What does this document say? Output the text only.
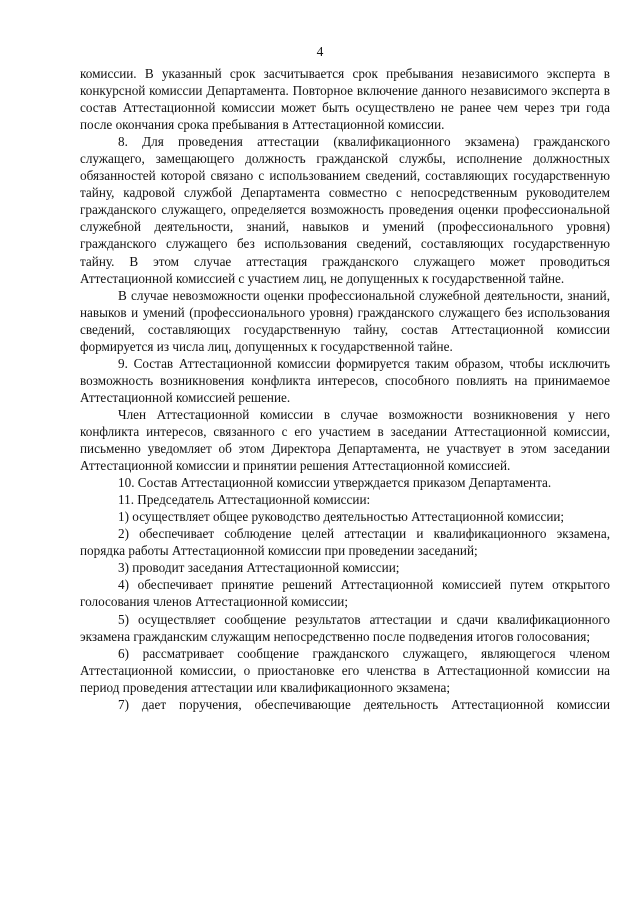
4

комиссии. В указанный срок засчитывается срок пребывания независимого эксперта в конкурсной комиссии Департамента. Повторное включение данного независимого эксперта в состав Аттестационной комиссии может быть осуществлено не ранее чем через три года после окончания срока пребывания в Аттестационной комиссии.

8. Для проведения аттестации (квалификационного экзамена) гражданского служащего, замещающего должность гражданской службы, исполнение должностных обязанностей которой связано с использованием сведений, составляющих государственную тайну, кадровой службой Департамента совместно с непосредственным руководителем гражданского служащего, определяется возможность проведения оценки профессиональной служебной деятельности, знаний, навыков и умений (профессионального уровня) гражданского служащего без использования сведений, составляющих государственную тайну. В этом случае аттестация гражданского служащего может проводиться Аттестационной комиссией с участием лиц, не допущенных к государственной тайне.

В случае невозможности оценки профессиональной служебной деятельности, знаний, навыков и умений (профессионального уровня) гражданского служащего без использования сведений, составляющих государственную тайну, состав Аттестационной комиссии формируется из числа лиц, допущенных к государственной тайне.

9. Состав Аттестационной комиссии формируется таким образом, чтобы исключить возможность возникновения конфликта интересов, способного повлиять на принимаемое Аттестационной комиссией решение.

Член Аттестационной комиссии в случае возможности возникновения у него конфликта интересов, связанного с его участием в заседании Аттестационной комиссии, письменно уведомляет об этом Директора Департамента, не участвует в этом заседании Аттестационной комиссии и принятии решения Аттестационной комиссией.

10. Состав Аттестационной комиссии утверждается приказом Департамента.

11. Председатель Аттестационной комиссии:

1) осуществляет общее руководство деятельностью Аттестационной комиссии;

2) обеспечивает соблюдение целей аттестации и квалификационного экзамена, порядка работы Аттестационной комиссии при проведении заседаний;

3) проводит заседания Аттестационной комиссии;

4) обеспечивает принятие решений Аттестационной комиссией путем открытого голосования членов Аттестационной комиссии;

5) осуществляет сообщение результатов аттестации и сдачи квалификационного экзамена гражданским служащим непосредственно после подведения итогов голосования;

6) рассматривает сообщение гражданского служащего, являющегося членом Аттестационной комиссии, о приостановке его членства в Аттестационной комиссии на период проведения аттестации или квалификационного экзамена;

7) дает поручения, обеспечивающие деятельность Аттестационной комиссии
